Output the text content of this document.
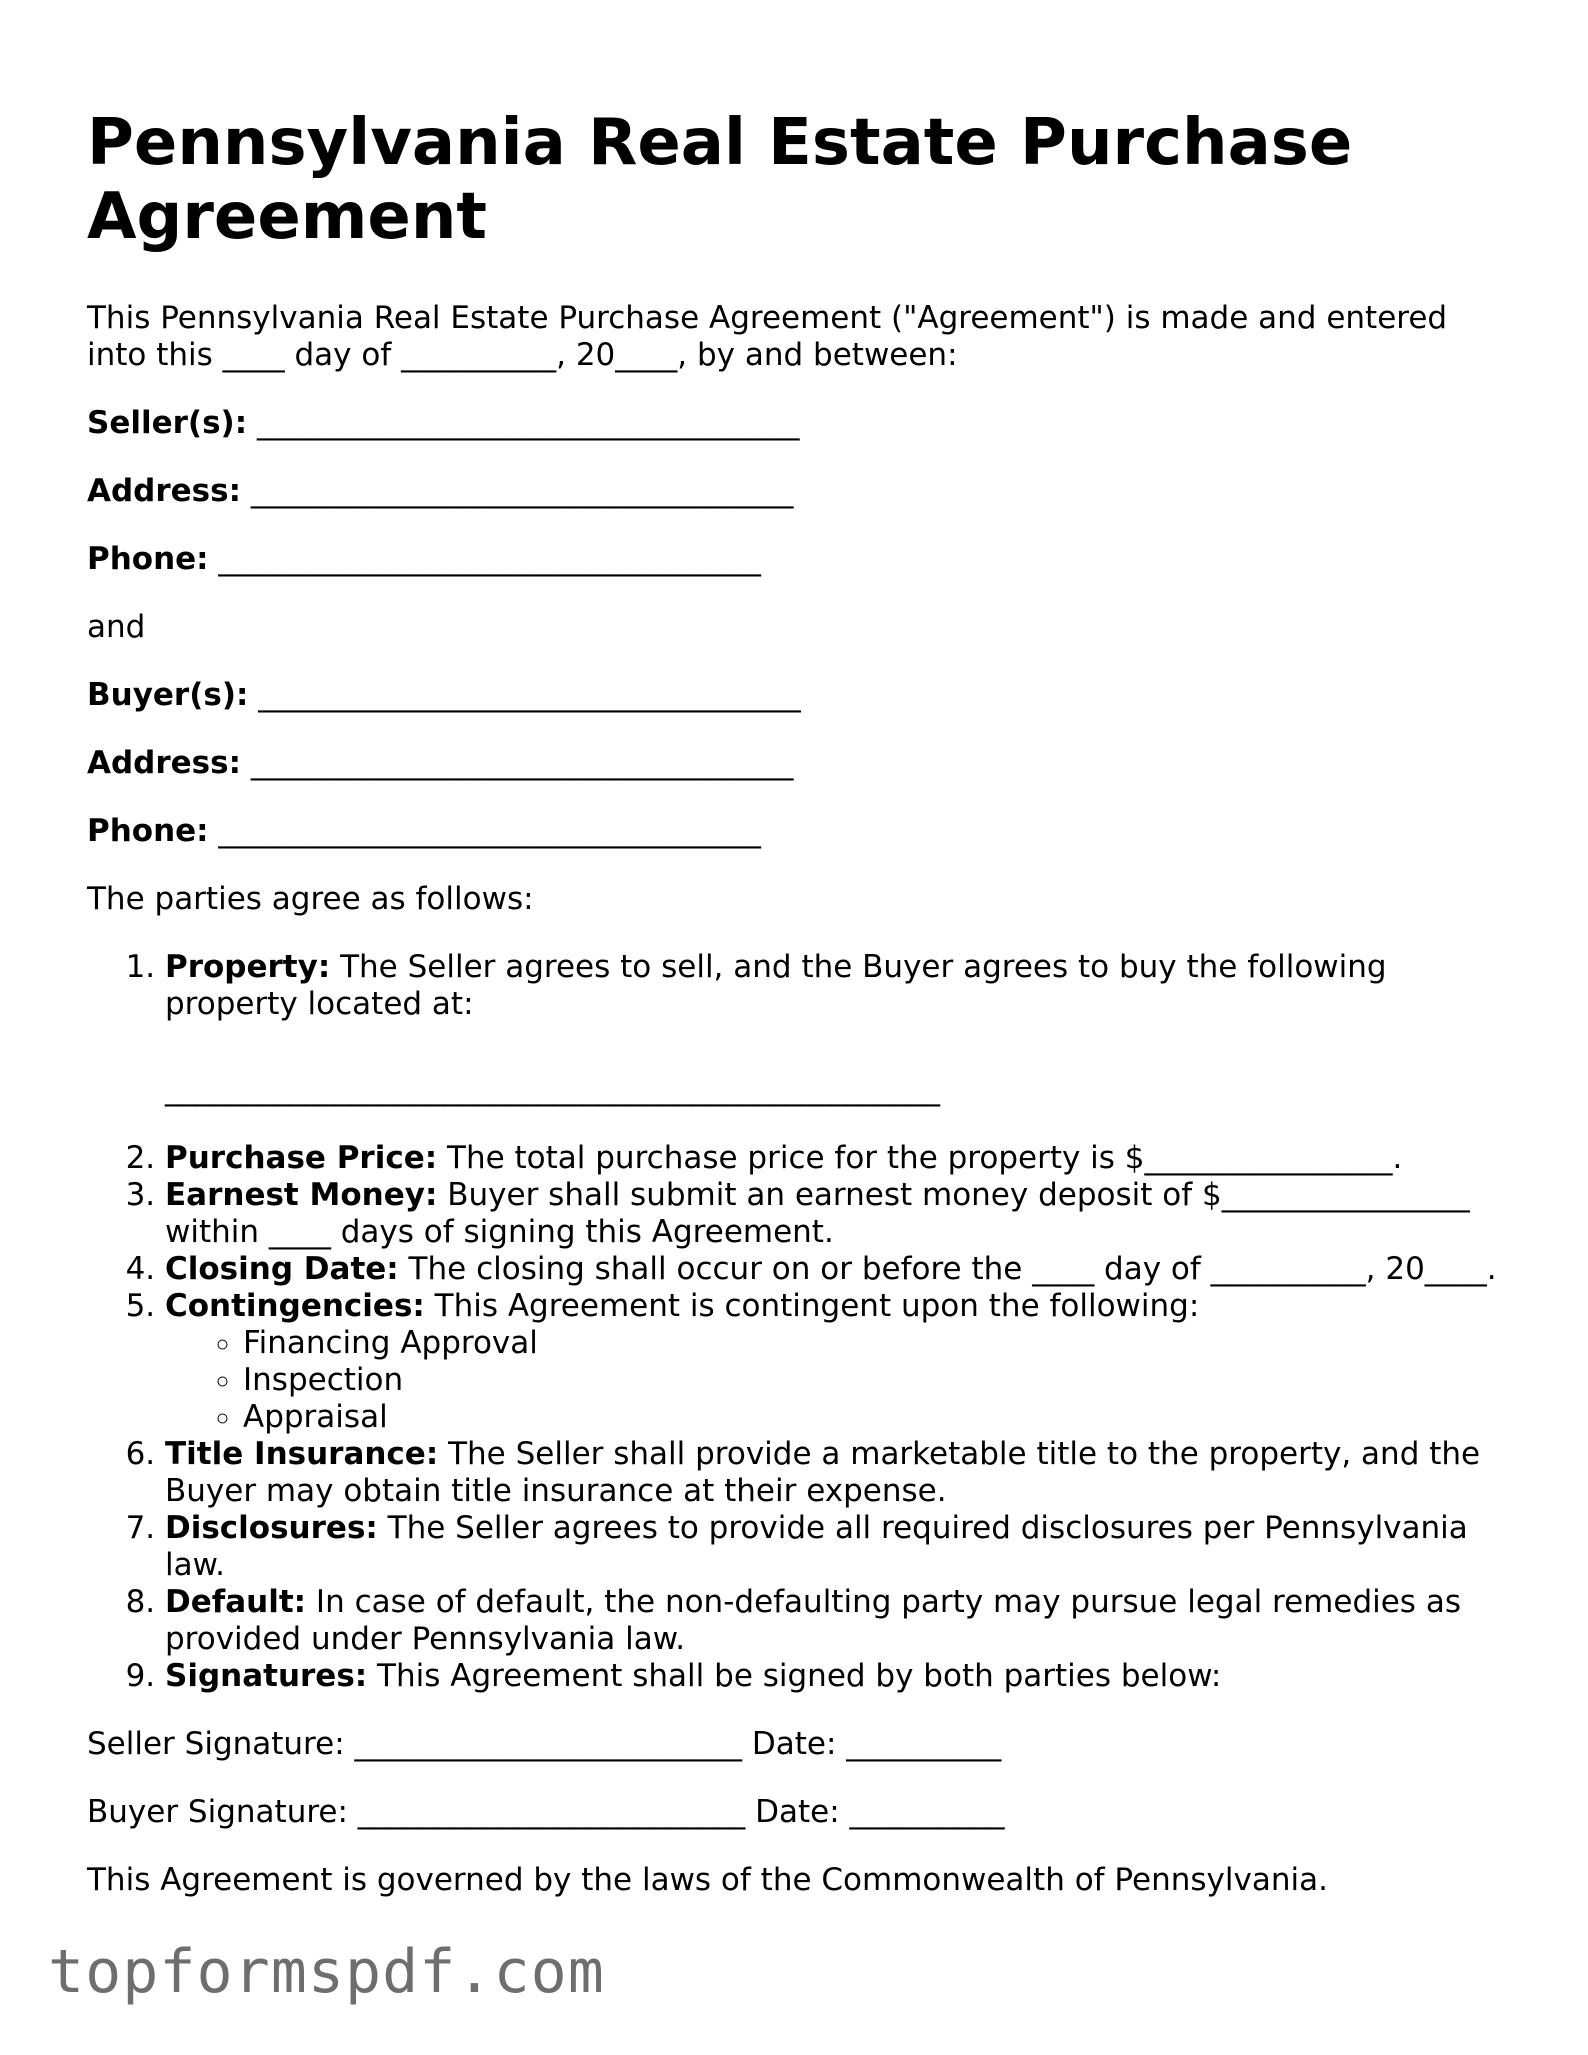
Pennsylvania Real Estate Purchase Agreement

This Pennsylvania Real Estate Purchase Agreement ("Agreement") is made and entered into this ____ day of __________, 20____, by and between:

Seller(s): ___________________________________

Address: ___________________________________

Phone: ___________________________________

and

Buyer(s): ___________________________________

Address: ___________________________________

Phone: ___________________________________

The parties agree as follows:

1. Property: The Seller agrees to sell, and the Buyer agrees to buy the following property located at:
__________________________________________________
2. Purchase Price: The total purchase price for the property is $________________.
3. Earnest Money: Buyer shall submit an earnest money deposit of $________________ within ____ days of signing this Agreement.
4. Closing Date: The closing shall occur on or before the ____ day of __________, 20____.
5. Contingencies: This Agreement is contingent upon the following:
◦ Financing Approval
◦ Inspection
◦ Appraisal
6. Title Insurance: The Seller shall provide a marketable title to the property, and the Buyer may obtain title insurance at their expense.
7. Disclosures: The Seller agrees to provide all required disclosures per Pennsylvania law.
8. Default: In case of default, the non-defaulting party may pursue legal remedies as provided under Pennsylvania law.
9. Signatures: This Agreement shall be signed by both parties below:

Seller Signature: _________________________ Date: __________

Buyer Signature: _________________________ Date: __________

This Agreement is governed by the laws of the Commonwealth of Pennsylvania.

topformspdf.com
